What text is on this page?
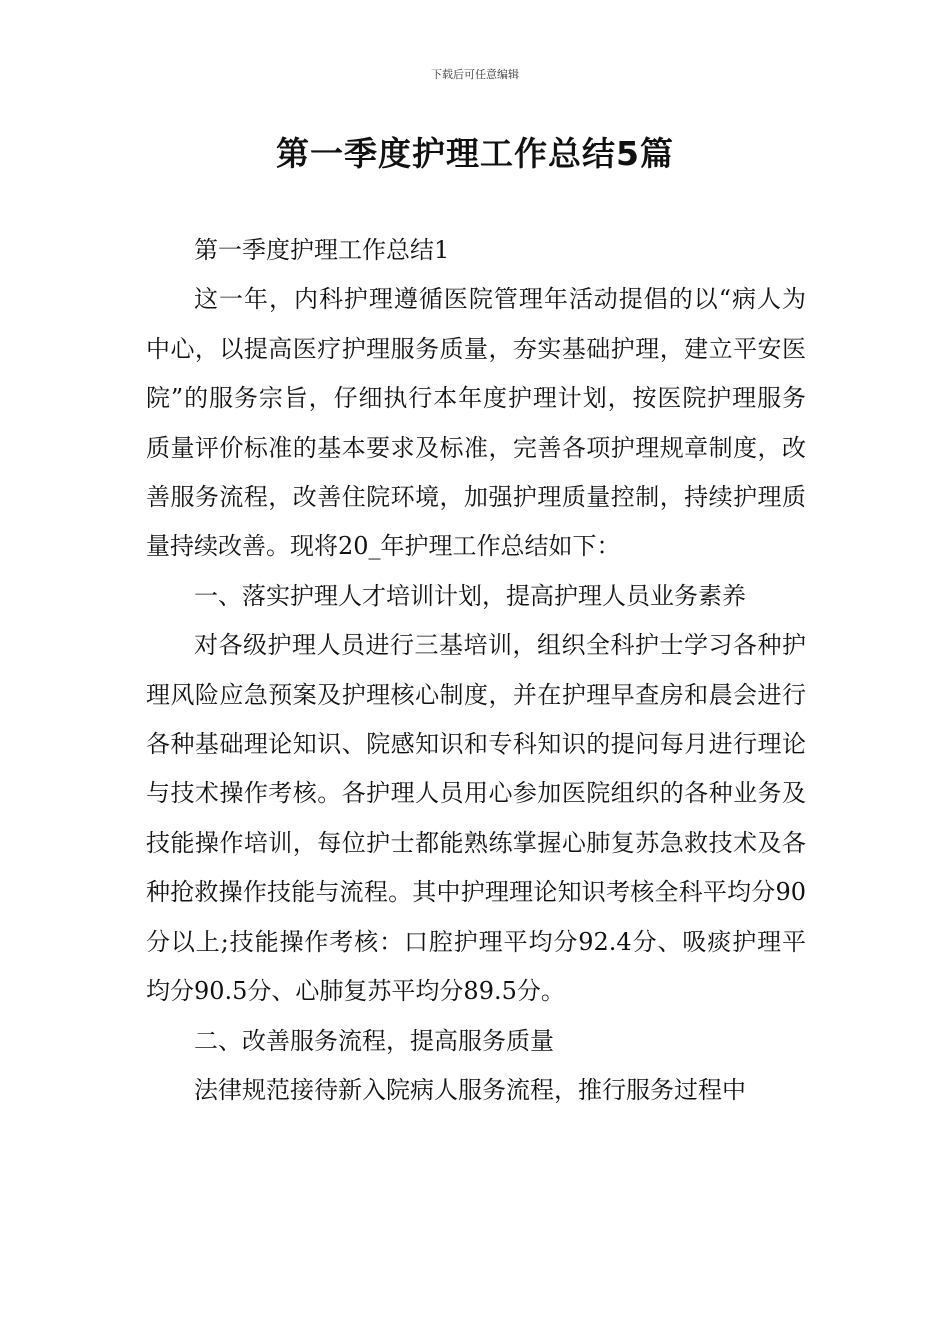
下载后可任意编辑
第一季度护理工作总结5篇

第一季度护理工作总结1

这一年，内科护理遵循医院管理年活动提倡的以“病人为中心，以提高医疗护理服务质量，夯实基础护理，建立平安医院”的服务宗旨，仔细执行本年度护理计划，按医院护理服务质量评价标准的基本要求及标准，完善各项护理规章制度，改善服务流程，改善住院环境，加强护理质量控制，持续护理质量持续改善。现将20_年护理工作总结如下：

一、落实护理人才培训计划，提高护理人员业务素养

对各级护理人员进行三基培训，组织全科护士学习各种护理风险应急预案及护理核心制度，并在护理早查房和晨会进行各种基础理论知识、院感知识和专科知识的提问每月进行理论与技术操作考核。各护理人员用心参加医院组织的各种业务及技能操作培训，每位护士都能熟练掌握心肺复苏急救技术及各种抢救操作技能与流程。其中护理理论知识考核全科平均分90分以上;技能操作考核：口腔护理平均分92.4分、吸痰护理平均分90.5分、心肺复苏平均分89.5分。

二、改善服务流程，提高服务质量

法律规范接待新入院病人服务流程，推行服务过程中
